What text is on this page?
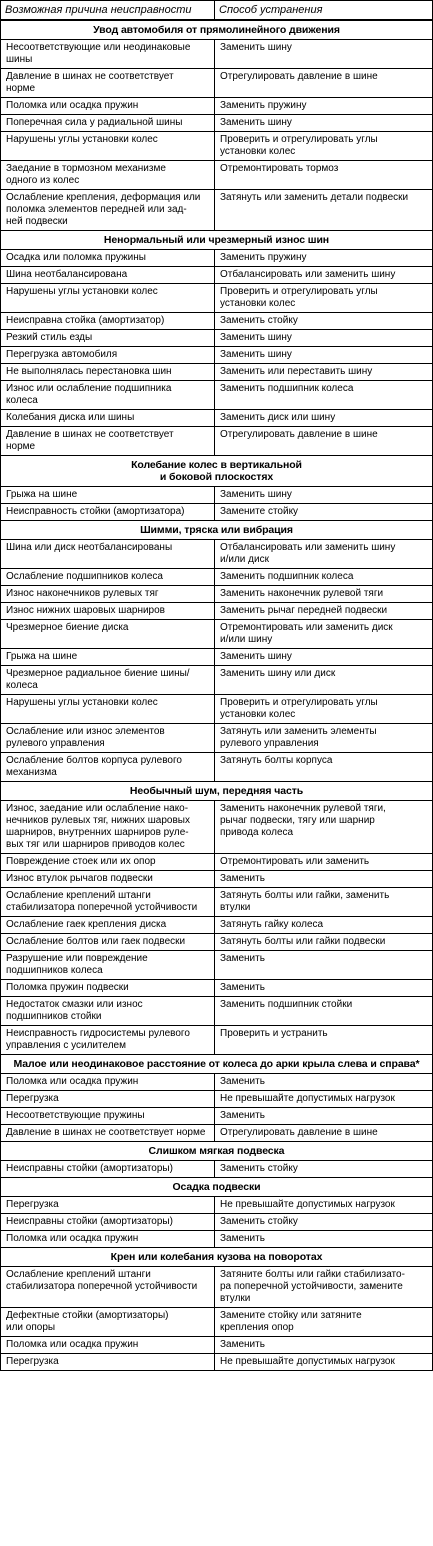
Возможная причина неисправности	Способ устранения
Увод автомобиля от прямолинейного движения	
Несоответствующие или неодинаковые
шины	Заменить шину
Давление в шинах не соответствует
норме	Отрегулировать давление в шине
Поломка или осадка пружин	Заменить пружину
Поперечная сила у радиальной шины	Заменить шину
Нарушены углы установки колес	Проверить и отрегулировать углы
установки колес
Заедание в тормозном механизме
одного из колес	Отремонтировать тормоз
Ослабление крепления, деформация или
поломка элементов передней или зад-
ней подвески	Затянуть или заменить детали подвески
Ненормальный или чрезмерный износ шин	
Осадка или поломка пружины	Заменить пружину
Шина неотбалансирована	Отбалансировать или заменить шину
Нарушены углы установки колес	Проверить и отрегулировать углы
установки колес
Неисправна стойка (амортизатор)	Заменить стойку
Резкий стиль езды	Заменить шину
Перегрузка автомобиля	Заменить шину
Не выполнялась перестановка шин	Заменить или переставить шину
Износ или ослабление подшипника
колеса	Заменить подшипник колеса
Колебания диска или шины	Заменить диск или шину
Давление в шинах не соответствует
норме	Отрегулировать давление в шине
Колебание колес в вертикальной
и боковой плоскостях	
Грыжа на шине	Заменить шину
Неисправность стойки (амортизатора)	Замените стойку
Шимми, тряска или вибрация	
Шина или диск неотбалансированы	Отбалансировать или заменить шину
и/или диск
Ослабление подшипников колеса	Заменить подшипник колеса
Износ наконечников рулевых тяг	Заменить наконечник рулевой тяги
Износ нижних шаровых шарниров	Заменить рычаг передней подвески
Чрезмерное биение диска	Отремонтировать или заменить диск
и/или шину
Грыжа на шине	Заменить шину
Чрезмерное радиальное биение шины/
колеса	Заменить шину или диск
Нарушены углы установки колес	Проверить и отрегулировать углы
установки колес
Ослабление или износ элементов
рулевого управления	Затянуть или заменить элементы
рулевого управления
Ослабление болтов корпуса рулевого
механизма	Затянуть болты корпуса
Необычный шум, передняя часть	
Износ, заедание или ослабление нако-
нечников рулевых тяг, нижних шаровых
шарниров, внутренних шарниров руле-
вых тяг или шарниров приводов колес	Заменить наконечник рулевой тяги,
рычаг подвески, тягу или шарнир
привода колеса
Повреждение стоек или их опор	Отремонтировать или заменить
Износ втулок рычагов подвески	Заменить
Ослабление креплений штанги
стабилизатора поперечной устойчивости	Затянуть болты или гайки, заменить
втулки
Ослабление гаек крепления диска	Затянуть гайку колеса
Ослабление болтов или гаек подвески	Затянуть болты или гайки подвески
Разрушение или повреждение
подшипников колеса	Заменить
Поломка пружин подвески	Заменить
Недостаток смазки или износ
подшипников стойки	Заменить подшипник стойки
Неисправность гидросистемы рулевого
управления с усилителем	Проверить и устранить
Малое или неодинаковое расстояние от колеса до арки крыла слева и справа*	
Поломка или осадка пружин	Заменить
Перегрузка	Не превышайте допустимых нагрузок
Несоответствующие пружины	Заменить
Давление в шинах не соответствует норме	Отрегулировать давление в шине
Слишком мягкая подвеска	
Неисправны стойки (амортизаторы)	Заменить стойку
Осадка подвески	
Перегрузка	Не превышайте допустимых нагрузок
Неисправны стойки (амортизаторы)	Заменить стойку
Поломка или осадка пружин	Заменить
Крен или колебания кузова на поворотах	
Ослабление креплений штанги
стабилизатора поперечной устойчивости	Затяните болты или гайки стабилизато-
ра поперечной устойчивости, замените
втулки
Дефектные стойки (амортизаторы)
или опоры	Замените стойку или затяните
крепления опор
Поломка или осадка пружин	Заменить
Перегрузка	Не превышайте допустимых нагрузок
